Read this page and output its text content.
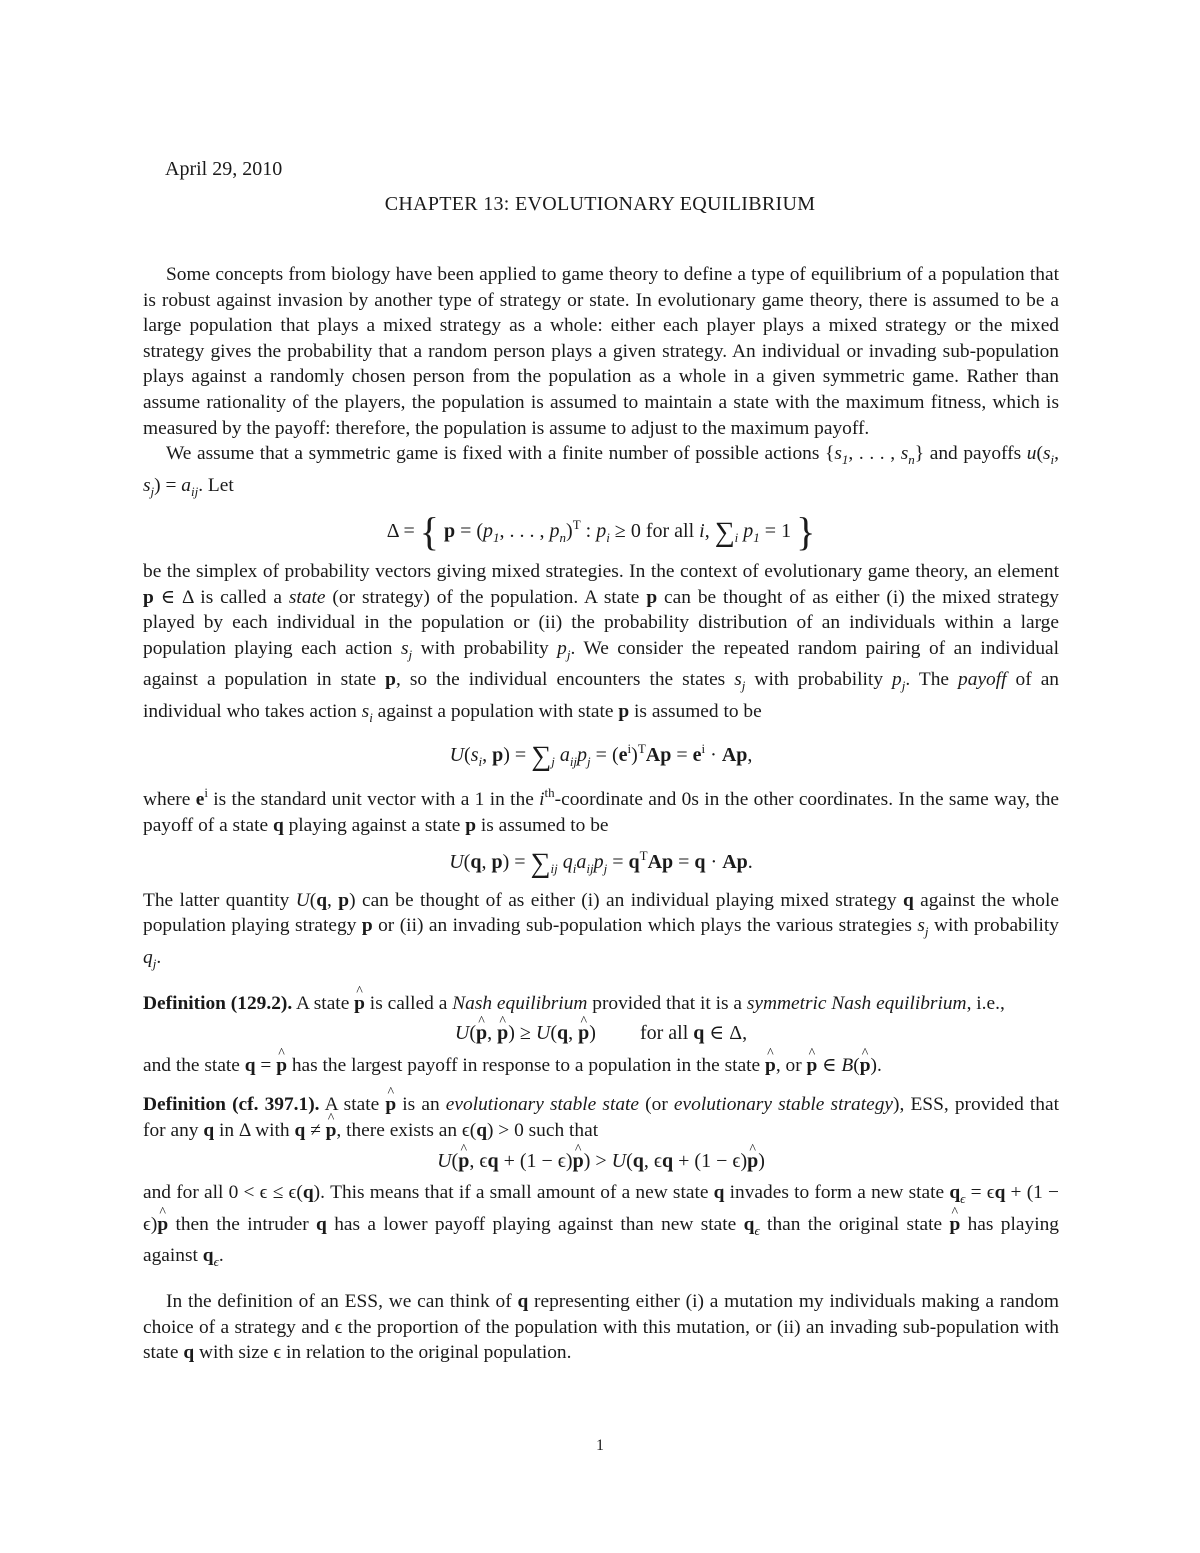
April 29, 2010
CHAPTER 13: EVOLUTIONARY EQUILIBRIUM

Some concepts from biology have been applied to game theory to define a type of equilibrium of a population that is robust against invasion by another type of strategy or state. In evolutionary game theory, there is assumed to be a large population that plays a mixed strategy as a whole: either each player plays a mixed strategy or the mixed strategy gives the probability that a random person plays a given strategy. An individual or invading sub-population plays against a randomly chosen person from the population as a whole in a given symmetric game. Rather than assume rationality of the players, the population is assumed to maintain a state with the maximum fitness, which is measured by the payoff: therefore, the population is assume to adjust to the maximum payoff.

We assume that a symmetric game is fixed with a finite number of possible actions {$s_1$, . . . , $s_n$} and payoffs $u(s_i$, $s_j) = a_{ij}$. Let

Δ = { $p = (p_1$, . . . , $p_n)^T$ : $p_i \ge 0$ for all i, $\sum_i$ $p_1 = 1$ }

be the simplex of probability vectors giving mixed strategies. In the context of evolutionary game theory, an element p ∈ Δ is called a state (or strategy) of the population. A state p can be thought of as either (i) the mixed strategy played by each individual in the population or (ii) the probability distribution of an individuals within a large population playing each action $s_j$ with probability $p_j$. We consider the repeated random pairing of an individual against a population in state p, so the individual encounters the states $s_j$ with probability $p_j$. The payoff of an individual who takes action $s_i$ against a population with state p is assumed to be

$U(s_i$, $p) = \sum_j$ $a_{ij}p_j = (e^i)^TAp = e^i \cdot Ap$,

where $e^i$ is the standard unit vector with a 1 in the $i^{th}$-coordinate and 0s in the other coordinates. In the same way, the payoff of a state q playing against a state p is assumed to be

U(q, $p) = \sum_{ij}$ $q_ia_{ij}p_j = q^TAp = q \cdot Ap$.

The latter quantity U(q, p) can be thought of as either (i) an individual playing mixed strategy q against the whole population playing strategy p or (ii) an invading sub-population which plays the various strategies $s_j$ with probability $q_j$.

Definition (129.2). A state p ^ is called a Nash equilibrium provided that it is a symmetric Nash equilibrium, i.e.,

U(p ^, p ^) ≥ U(q, p ^) for all q ∈ Δ,

and the state q = p ^ has the largest payoff in response to a population in the state p ^, or p ^ ∈ B(p ^).

Definition (cf. 397.1). A state p ^ is an evolutionary stable state (or evolutionary stable strategy), ESS, provided that for any q in Δ with q ≠ p ^, there exists an ϵ(q) > 0 such that

U(p ^, ϵq + (1 − ϵ)p ^) > U(q, ϵq + (1 − ϵ)p ^)

and for all 0 < ϵ ≤ ϵ(q). This means that if a small amount of a new state q invades to form a new state $q_\epsilon = \epsilon q + (1 - \epsilon)p$ ^ then the intruder q has a lower payoff playing against than new state $q_\epsilon$ than the original state p ^ has playing against $q_\epsilon$.

In the definition of an ESS, we can think of q representing either (i) a mutation my individuals making a random choice of a strategy and ϵ the proportion of the population with this mutation, or (ii) an invading sub-population with state q with size ϵ in relation to the original population.

1
